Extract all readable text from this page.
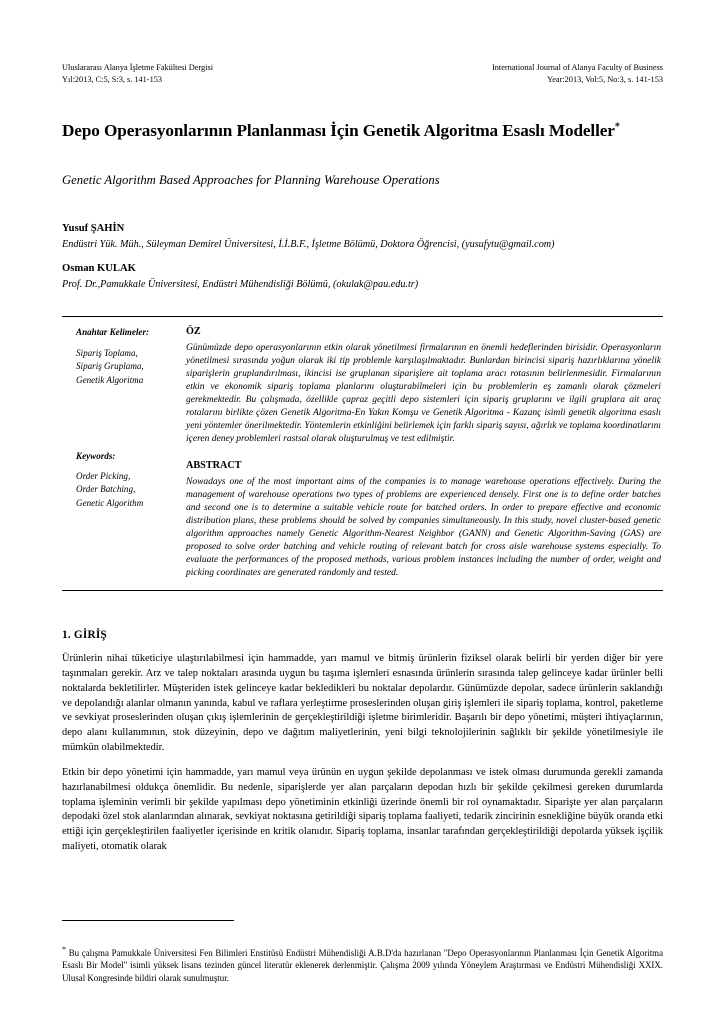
Uluslararası Alanya İşletme Fakültesi Dergisi
Yıl:2013, C:5, S:3, s. 141-153
International Journal of Alanya Faculty of Business
Year:2013, Vol:5, No:3, s. 141-153
Depo Operasyonlarının Planlanması İçin Genetik Algoritma Esaslı Modeller*
Genetic Algorithm Based Approaches for Planning Warehouse Operations
Yusuf ŞAHİN
Endüstri Yük. Müh., Süleyman Demirel Üniversitesi, İ.İ.B.F., İşletme Bölümü, Doktora Öğrencisi, (yusufytu@gmail.com)
Osman KULAK
Prof. Dr.,Pamukkale Üniversitesi, Endüstri Mühendisliği Bölümü, (okulak@pau.edu.tr)
Anahtar Kelimeler:
Sipariş Toplama,
Sipariş Gruplama,
Genetik Algoritma
Keywords:
Order Picking,
Order Batching,
Genetic Algorithm
ÖZ
Günümüzde depo operasyonlarının etkin olarak yönetilmesi firmalarının en önemli hedeflerinden birisidir. Operasyonların yönetilmesi sırasında yoğun olarak iki tip problemle karşılaşılmaktadır. Bunlardan birincisi sipariş hazırlıklarına yönelik siparişlerin gruplandırılması, ikincisi ise gruplanan siparişlere ait toplama aracı rotasının belirlenmesidir. Firmalarının etkin ve ekonomik sipariş toplama planlarını oluşturabilmeleri için bu problemlerin eş zamanlı olarak çözmeleri gerekmektedir. Bu çalışmada, özellikle çapraz geçitli depo sistemleri için sipariş gruplarını ve ilgili gruplara ait araç rotalarını birlikte çözen Genetik Algoritma-En Yakın Komşu ve Genetik Algoritma - Kazanç isimli genetik algoritma esaslı yeni yöntemler önerilmektedir. Yöntemlerin etkinliğini belirlemek için farklı sipariş sayısı, ağırlık ve toplama koordinatlarını içeren deney problemleri rastsal olarak oluşturulmuş ve test edilmiştir.
ABSTRACT
Nowadays one of the most important aims of the companies is to manage warehouse operations effectively. During the management of warehouse operations two types of problems are experienced densely. First one is to define order batches and second one is to determine a suitable vehicle route for batched orders. In order to prepare effective and economic distribution plans, these problems should be solved by companies simultaneously. In this study, novel cluster-based genetic algorithm approaches namely Genetic Algorithm-Nearest Neighbor (GANN) and Genetic Algorithm-Saving (GAS) are proposed to solve order batching and vehicle routing of relevant batch for cross aisle warehouse systems especially. To evaluate the performances of the proposed methods, various problem instances including the number of order, weight and picking coordinates are generated randomly and tested.
1. GİRİŞ

Ürünlerin nihai tüketiciye ulaştırılabilmesi için hammadde, yarı mamul ve bitmiş ürünlerin fiziksel olarak belirli bir yerden diğer bir yere taşınmaları gerekir. Arz ve talep noktaları arasında uygun bu taşıma işlemleri esnasında ürünlerin sırasında talep gelinceye kadar ürünler belli noktalarda bekletilirler. Müşteriden istek gelinceye kadar bekledikleri bu noktalar depolardır. Günümüzde depolar, sadece ürünlerin saklandığı ve depolandığı alanlar olmanın yanında, kabul ve raflara yerleştirme proseslerinden oluşan giriş işlemleri ile sipariş toplama, kontrol, paketleme ve sevkiyat proseslerinden oluşan çıkış işlemlerinin de gerçekleştirildiği işletme birimleridir. Başarılı bir depo yönetimi, müşteri ihtiyaçlarının, depo alanı kullanımının, stok düzeyinin, depo ve dağıtım maliyetlerinin, yeni bilgi teknolojilerinin sağlıklı bir şekilde yönetilmesiyle ile mümkün olabilmektedir.

Etkin bir depo yönetimi için hammadde, yarı mamul veya ürünün en uygun şekilde depolanması ve istek olması durumunda gerekli zamanda hazırlanabilmesi oldukça önemlidir. Bu nedenle, siparişlerde yer alan parçaların depodan hızlı bir şekilde çekilmesi gereken durumlarda toplama işleminin verimli bir şekilde yapılması depo yönetiminin etkinliği üzerinde önemli bir rol oynamaktadır. Siparişte yer alan parçaların depodaki özel stok alanlarından alınarak, sevkiyat noktasına getirildiği sipariş toplama faaliyeti, tedarik zincirinin esnekliğine büyük oranda etki ettiği için gerçekleştirilen faaliyetler içerisinde en kritik olanıdır. Sipariş toplama, insanlar tarafından gerçekleştirildiği depolarda yüksek işçilik maliyeti, otomatik olarak

* Bu çalışma Pamukkale Üniversitesi Fen Bilimleri Enstitüsü Endüstri Mühendisliği A.B.D'da hazırlanan "Depo Operasyonlarının Planlanması İçin Genetik Algoritma Esaslı Bir Model" isimli yüksek lisans tezinden güncel literatür eklenerek derlenmiştir. Çalışma 2009 yılında Yöneylem Araştırması ve Endüstri Mühendisliği XXIX. Ulusal Kongresinde bildiri olarak sunulmuştur.
